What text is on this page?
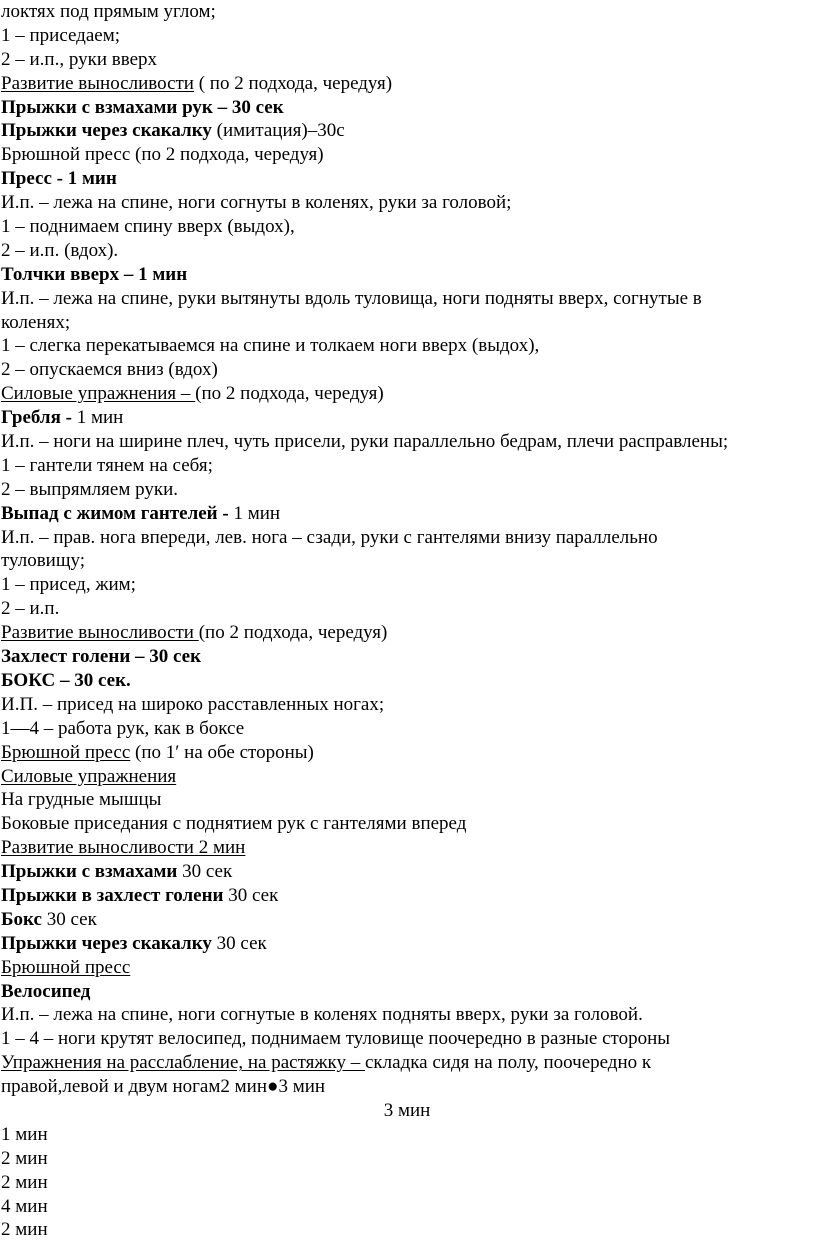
локтях под прямым углом;

1 – приседаем;

2 – и.п., руки вверх

Развитие выносливости ( по 2 подхода, чередуя)

Прыжки с взмахами рук – 30 сек

Прыжки через скакалку (имитация)–30с

Брюшной пресс (по 2 подхода, чередуя)

Пресс - 1 мин

И.п. – лежа на спине, ноги согнуты в коленях, руки за головой;

1 – поднимаем спину вверх (выдох),

2 – и.п. (вдох).

Толчки вверх – 1 мин

И.п. – лежа на спине, руки вытянуты вдоль туловища, ноги подняты вверх, согнутые в

коленях;

1 – слегка перекатываемся на спине и толкаем ноги вверх (выдох),

2 – опускаемся вниз (вдох)

Силовые упражнения – (по 2 подхода, чередуя)

Гребля - 1 мин

И.п. – ноги на ширине плеч, чуть присели, руки параллельно бедрам, плечи расправлены;

1 – гантели тянем на себя;

2 – выпрямляем руки.

Выпад с жимом гантелей - 1 мин

И.п. – прав. нога впереди, лев. нога – сзади, руки с гантелями внизу параллельно

туловищу;

1 – присед, жим;

2 – и.п.

Развитие выносливости (по 2 подхода, чередуя)

Захлест голени – 30 сек

БОКС – 30 сек.

И.П. – присед на широко расставленных ногах;

1—4 – работа рук, как в боксе

Брюшной пресс (по 1′ на обе стороны)

Силовые упражнения

На грудные мышцы

Боковые приседания с поднятием рук с гантелями вперед

Развитие выносливости 2 мин

Прыжки с взмахами 30 сек

Прыжки в захлест голени 30 сек

Бокс 30 сек

Прыжки через скакалку 30 сек

Брюшной пресс

Велосипед

И.п. – лежа на спине, ноги согнутые в коленях подняты вверх, руки за головой.

1 – 4 – ноги крутят велосипед, поднимаем туловище поочередно в разные стороны

Упражнения на расслабление, на растяжку – складка сидя на полу, поочередно к

правой,левой и двум ногам2 мин●3 мин

3 мин

1 мин

2 мин

2 мин

4 мин

2 мин
